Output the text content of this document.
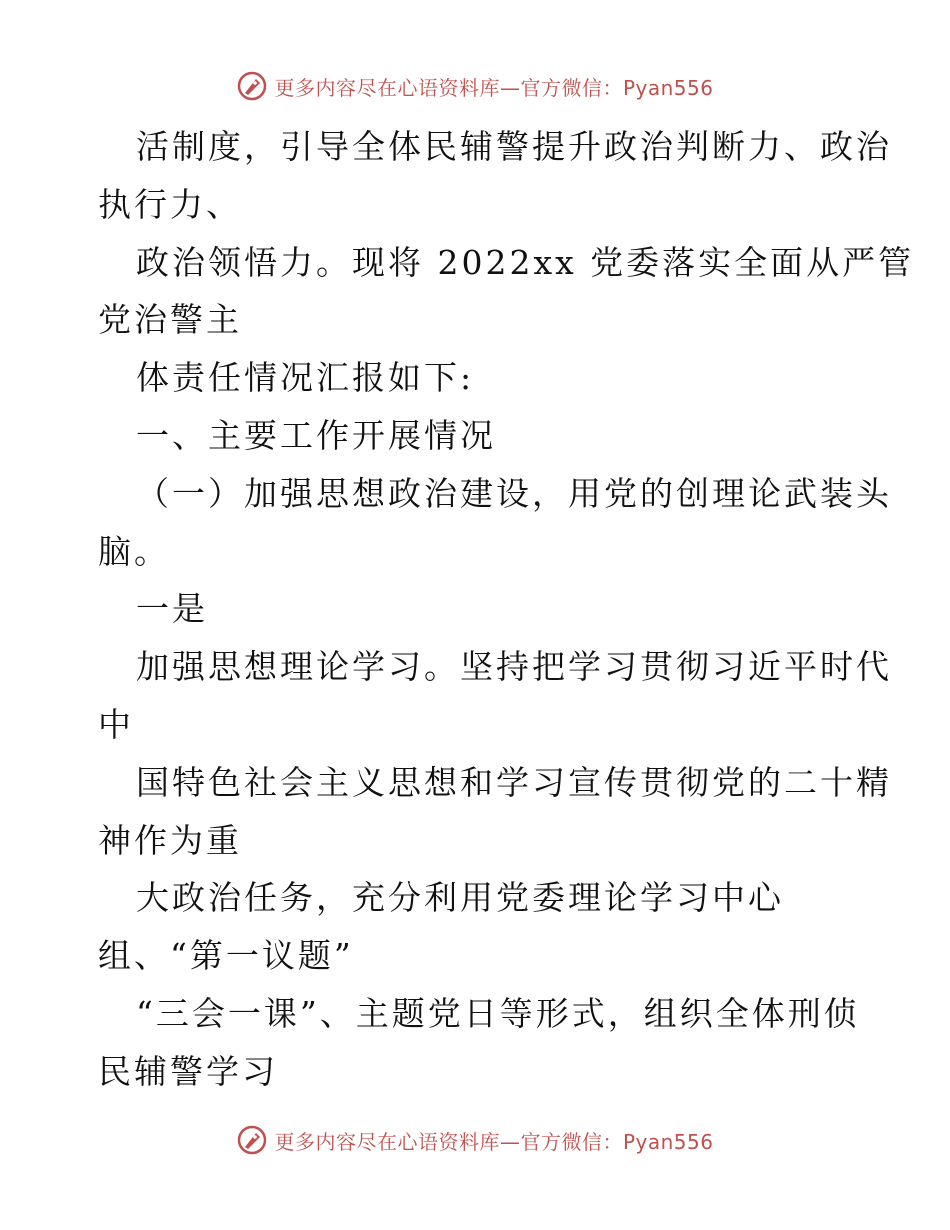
更多内容尽在心语资料库—官方微信：Pyan556
活制度，引导全体民辅警提升政治判断力、政治
执行力、
政治领悟力。现将 2022xx 党委落实全面从严管
党治警主
体责任情况汇报如下:
一、主要工作开展情况
（一）加强思想政治建设，用党的创理论武装头
脑。
一是
加强思想理论学习。坚持把学习贯彻习近平时代
中
国特色社会主义思想和学习宣传贯彻党的二十精
神作为重
大政治任务，充分利用党委理论学习中心
组、“第一议题”
“三会一课”、主题党日等形式，组织全体刑侦
民辅警学习
更多内容尽在心语资料库—官方微信：Pyan556
